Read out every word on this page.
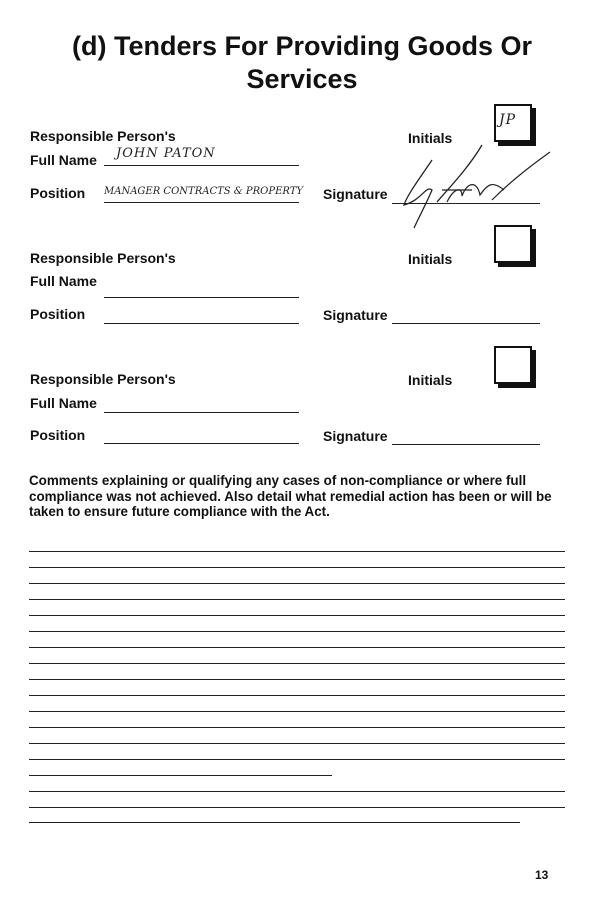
(d) Tenders For Providing Goods Or
Services
Responsible Person's
Full Name JOHN PATON
Position MANAGER CONTRACTS & PROPERTY
Initials
JP
Signature
Responsible Person's
Full Name
Position
Initials
Signature
Responsible Person's
Full Name
Position
Initials
Signature
Comments explaining or qualifying any cases of non-compliance or where full compliance was not achieved. Also detail what remedial action has been or will be taken to ensure future compliance with the Act.
13
